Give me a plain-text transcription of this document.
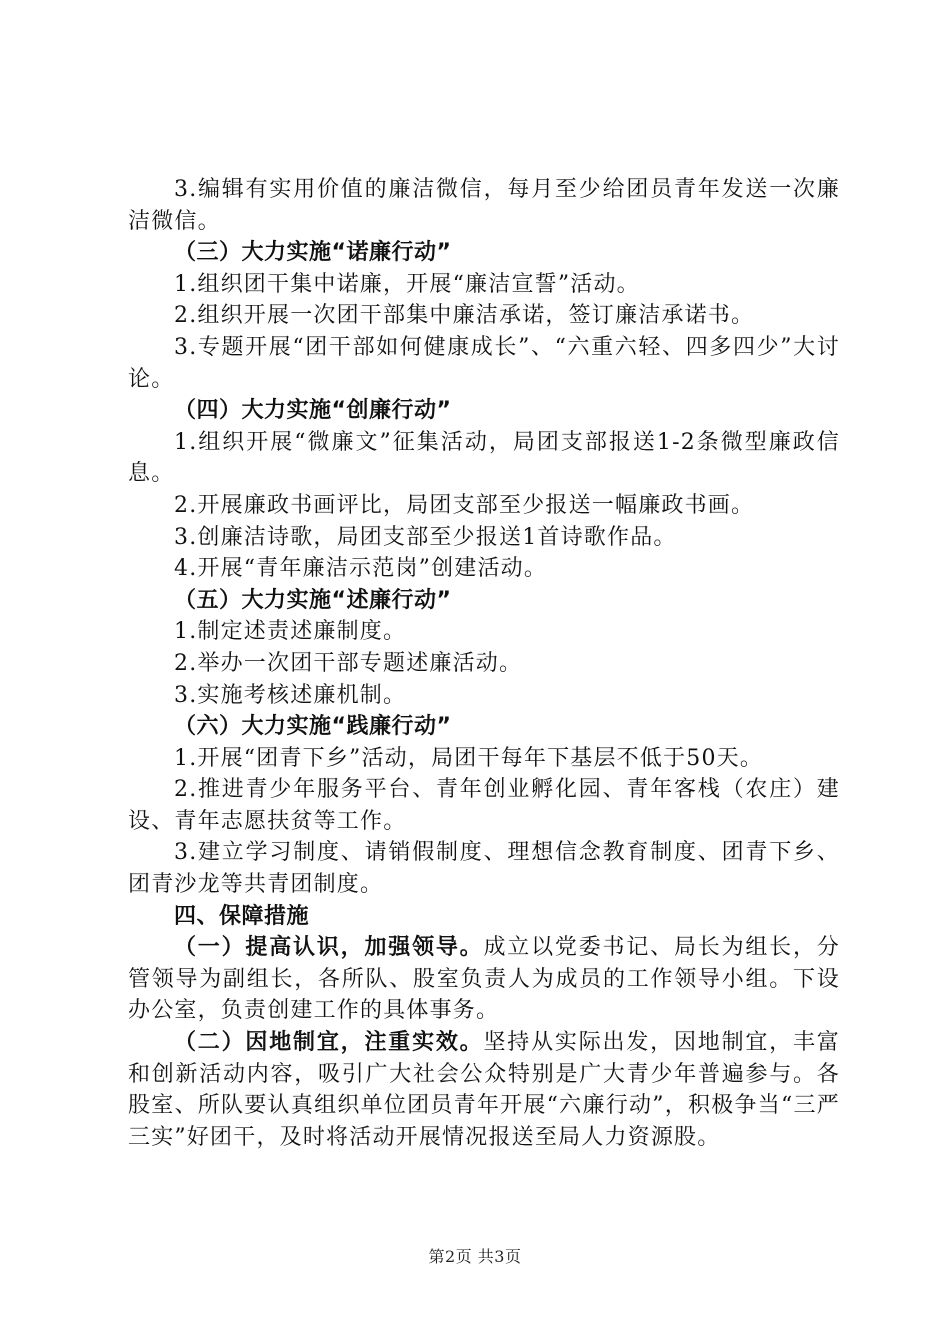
3.编辑有实用价值的廉洁微信，每月至少给团员青年发送一次廉洁微信。

（三）大力实施“诺廉行动”

1.组织团干集中诺廉，开展“廉洁宣誓”活动。

2.组织开展一次团干部集中廉洁承诺，签订廉洁承诺书。

3.专题开展“团干部如何健康成长”、“六重六轻、四多四少”大讨论。

（四）大力实施“创廉行动”

1.组织开展“微廉文”征集活动，局团支部报送1-2条微型廉政信息。

2.开展廉政书画评比，局团支部至少报送一幅廉政书画。

3.创廉洁诗歌，局团支部至少报送1首诗歌作品。

4.开展“青年廉洁示范岗”创建活动。

（五）大力实施“述廉行动”

1.制定述责述廉制度。

2.举办一次团干部专题述廉活动。

3.实施考核述廉机制。

（六）大力实施“践廉行动”

1.开展“团青下乡”活动，局团干每年下基层不低于50天。

2.推进青少年服务平台、青年创业孵化园、青年客栈（农庄）建设、青年志愿扶贫等工作。

3.建立学习制度、请销假制度、理想信念教育制度、团青下乡、团青沙龙等共青团制度。

四、保障措施

（一）提高认识，加强领导。成立以党委书记、局长为组长，分管领导为副组长，各所队、股室负责人为成员的工作领导小组。下设办公室，负责创建工作的具体事务。

（二）因地制宜，注重实效。坚持从实际出发，因地制宜，丰富和创新活动内容，吸引广大社会公众特别是广大青少年普遍参与。各股室、所队要认真组织单位团员青年开展“六廉行动”，积极争当“三严三实”好团干，及时将活动开展情况报送至局人力资源股。

第2页 共3页
